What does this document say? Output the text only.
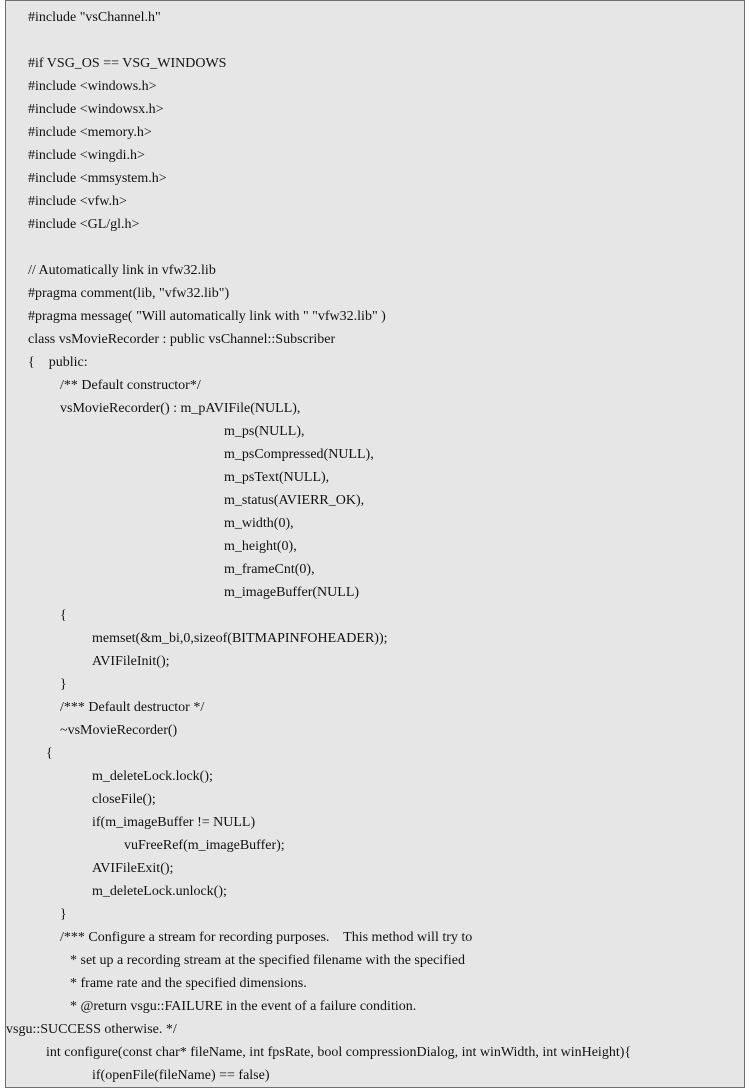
#include "vsChannel.h"
#if VSG_OS == VSG_WINDOWS
#include <windows.h>
#include <windowsx.h>
#include <memory.h>
#include <wingdi.h>
#include <mmsystem.h>
#include <vfw.h>
#include <GL/gl.h>
// Automatically link in vfw32.lib
#pragma comment(lib, "vfw32.lib")
#pragma message( "Will automatically link with " "vfw32.lib" )
class vsMovieRecorder : public vsChannel::Subscriber
{    public:
/** Default constructor*/
vsMovieRecorder() : m_pAVIFile(NULL),
m_ps(NULL),
m_psCompressed(NULL),
m_psText(NULL),
m_status(AVIERR_OK),
m_width(0),
m_height(0),
m_frameCnt(0),
m_imageBuffer(NULL)
{
memset(&m_bi,0,sizeof(BITMAPINFOHEADER));
AVIFileInit();
}
/*** Default destructor */
~vsMovieRecorder()
{
m_deleteLock.lock();
closeFile();
if(m_imageBuffer != NULL)
vuFreeRef(m_imageBuffer);
AVIFileExit();
m_deleteLock.unlock();
}
/*** Configure a stream for recording purposes.    This method will try to
* set up a recording stream at the specified filename with the specified
* frame rate and the specified dimensions.
* @return vsgu::FAILURE in the event of a failure condition.
vsgu::SUCCESS otherwise. */
int configure(const char* fileName, int fpsRate, bool compressionDialog, int winWidth, int winHeight){
if(openFile(fileName) == false)
